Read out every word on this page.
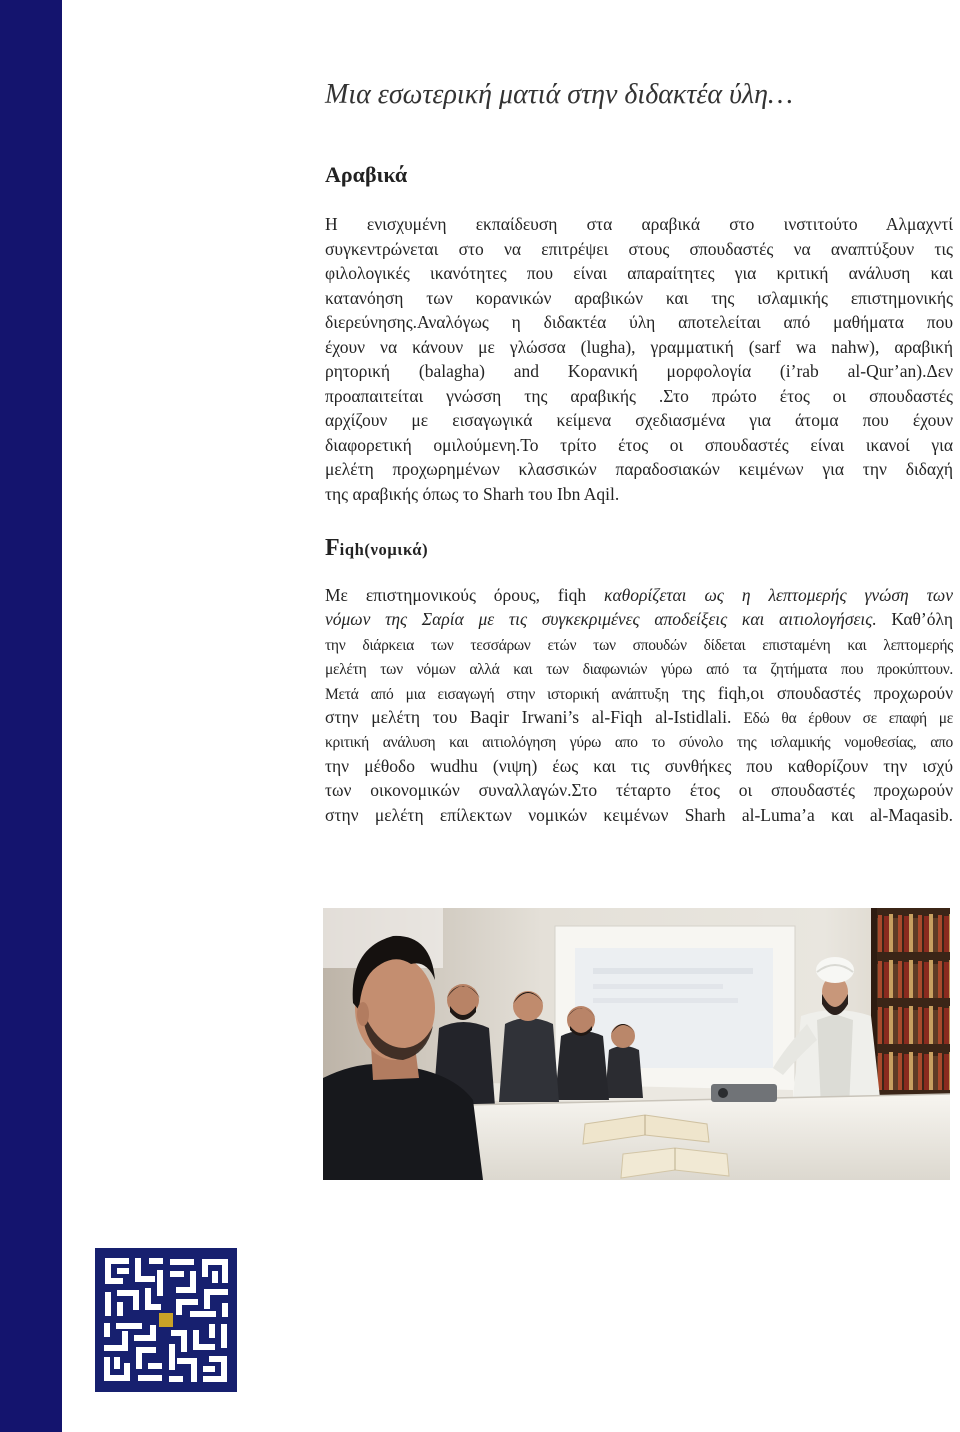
Μια εσωτερική ματιά στην διδακτέα ύλη…
Αραβικά
Η ενισχυμένη εκπαίδευση στα αραβικά στο ινστιτούτο Αλμαχντί
συγκεντρώνεται στο να επιτρέψει στους σπουδαστές να αναπτύξουν τις
φιλολογικές ικανότητες που είναι απαραίτητες για κριτική ανάλυση και
κατανόηση των κορανικών αραβικών και της ισλαμικής επιστημονικής
διερεύνησης.Αναλόγως η διδακτέα ύλη αποτελείται από μαθήματα που
έχουν να κάνουν με γλώσσα (lugha), γραμματική (sarf wa nahw), αραβική
ρητορική (balagha) and Κορανική μορφολογία (i’rab al-Qur’an).Δεν
προαπαιτείται γνώσση της αραβικής .Στο πρώτο έτος οι σπουδαστές
αρχίζουν με εισαγωγικά κείμενα σχεδιασμένα για άτομα που έχουν
διαφορετική ομιλούμενη.Το τρίτο έτος οι σπουδαστές είναι ικανοί για
μελέτη προχωρημένων κλασσικών παραδοσιακών κειμένων για την διδαχή
της αραβικής όπως το Sharh του Ibn Aqil.
Fiqh(νομικά)
Με επιστημονικούς όρους, fiqh καθορίζεται ως η λεπτομερής γνώση των
νόμων της Σαρία με τις συγκεκριμένες αποδείξεις και αιτιολογήσεις. Καθ’όλη
την διάρκεια των τεσσάρων ετών των σπουδών δίδεται επισταμένη και λεπτομερής
μελέτη των νόμων αλλά και των διαφωνιών γύρω από τα ζητήματα που προκύπτουν.
Μετά από μια εισαγωγή στην ιστορική ανάπτυξη της fiqh,οι σπουδαστές προχωρούν
στην μελέτη του Baqir Irwani’s al-Fiqh al-Istidlali. Εδώ θα έρθουν σε επαφή με
κριτική ανάλυση και αιτιολόγηση γύρω απο το σύνολο της ισλαμικής νομοθεσίας, απο
την μέθοδο wudhu (νιψη) έως και τις συνθήκες που καθορίζουν την ισχύ
των οικονομικών συναλλαγών.Στο τέταρτο έτος οι σπουδαστές προχωρούν
στην μελέτη επίλεκτων νομικών κειμένων Sharh al-Luma’a και al-Maqasib.
